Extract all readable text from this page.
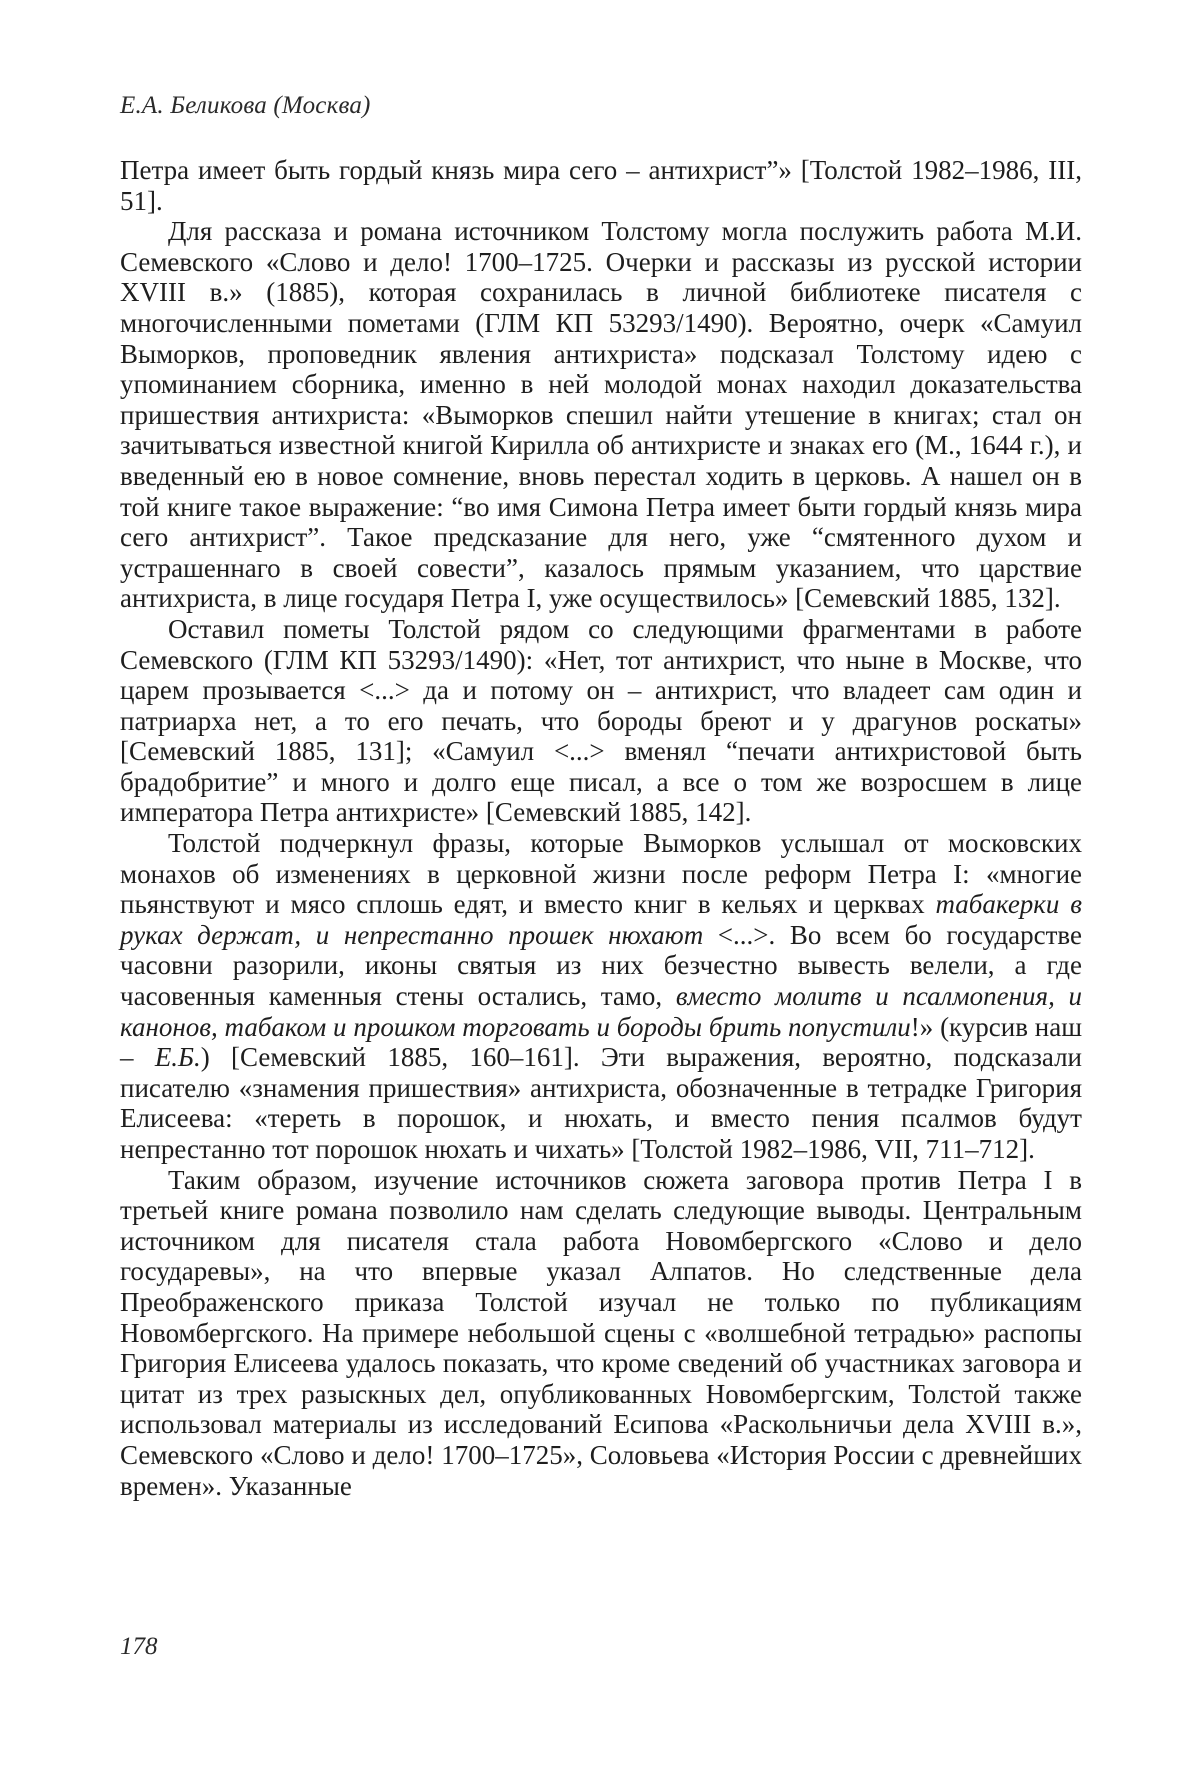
Е.А. Беликова (Москва)

Петра имеет быть гордый князь мира сего – антихрист”» [Толстой 1982–1986, III, 51].

Для рассказа и романа источником Толстому могла послужить работа М.И. Семевского «Слово и дело! 1700–1725. Очерки и рассказы из русской истории XVIII в.» (1885), которая сохранилась в личной библиотеке писателя с многочисленными пометами (ГЛМ КП 53293/1490). Вероятно, очерк «Самуил Выморков, проповедник явления антихриста» подсказал Толстому идею с упоминанием сборника, именно в ней молодой монах находил доказательства пришествия антихриста: «Выморков спешил найти утешение в книгах; стал он зачитываться известной книгой Кирилла об антихристе и знаках его (М., 1644 г.), и введенный ею в новое сомнение, вновь перестал ходить в церковь. А нашел он в той книге такое выражение: “во имя Симона Петра имеет быти гордый князь мира сего антихрист”. Такое предсказание для него, уже “смятенного духом и устрашеннаго в своей совести”, казалось прямым указанием, что царствие антихриста, в лице государя Петра I, уже осуществилось» [Семевский 1885, 132].

Оставил пометы Толстой рядом со следующими фрагментами в работе Семевского (ГЛМ КП 53293/1490): «Нет, тот антихрист, что ныне в Москве, что царем прозывается <...> да и потому он – антихрист, что владеет сам один и патриарха нет, а то его печать, что бороды бреют и у драгунов роскаты» [Семевский 1885, 131]; «Самуил <...> вменял “печати антихристовой быть брадобритие” и много и долго еще писал, а все о том же возросшем в лице императора Петра антихристе» [Семевский 1885, 142].

Толстой подчеркнул фразы, которые Выморков услышал от московских монахов об изменениях в церковной жизни после реформ Петра I: «многие пьянствуют и мясо сплошь едят, и вместо книг в кельях и церквах табакерки в руках держат, и непрестанно прошек нюхают <...>. Во всем бо государстве часовни разорили, иконы святыя из них безчестно вывесть велели, а где часовенныя каменныя стены остались, тамо, вместо молитв и псалмопения, и канонов, табаком и прошком торговать и бороды брить попустили!» (курсив наш – Е.Б.) [Семевский 1885, 160–161]. Эти выражения, вероятно, подсказали писателю «знамения пришествия» антихриста, обозначенные в тетрадке Григория Елисеева: «тереть в порошок, и нюхать, и вместо пения псалмов будут непрестанно тот порошок нюхать и чихать» [Толстой 1982–1986, VII, 711–712].

Таким образом, изучение источников сюжета заговора против Петра I в третьей книге романа позволило нам сделать следующие выводы. Центральным источником для писателя стала работа Новомбергского «Слово и дело государевы», на что впервые указал Алпатов. Но следственные дела Преображенского приказа Толстой изучал не только по публикациям Новомбергского. На примере небольшой сцены с «волшебной тетрадью» распопы Григория Елисеева удалось показать, что кроме сведений об участниках заговора и цитат из трех разыскных дел, опубликованных Новомбергским, Толстой также использовал материалы из исследований Есипова «Раскольничьи дела XVIII в.», Семевского «Слово и дело! 1700–1725», Соловьева «История России с древнейших времен». Указанные

178
